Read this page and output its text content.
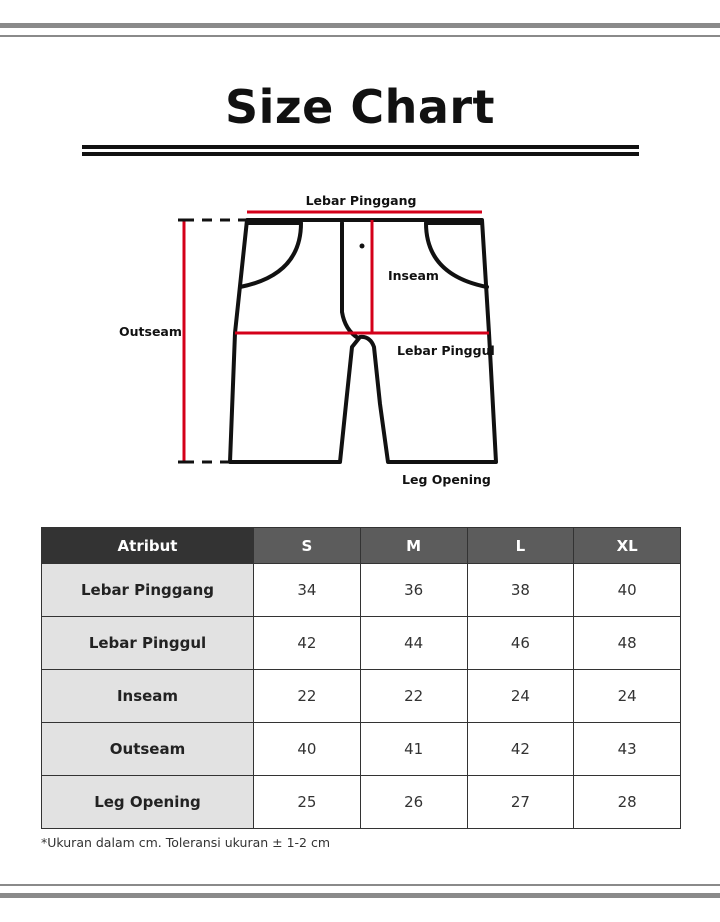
Size Chart
Lebar Pinggang
Inseam
Outseam
Lebar Pinggul
Leg Opening
Atribut	S	M	L	XL
Lebar Pinggang	34	36	38	40
Lebar Pinggul	42	44	46	48
Inseam	22	22	24	24
Outseam	40	41	42	43
Leg Opening	25	26	27	28
*Ukuran dalam cm. Toleransi ukuran ± 1-2 cm
